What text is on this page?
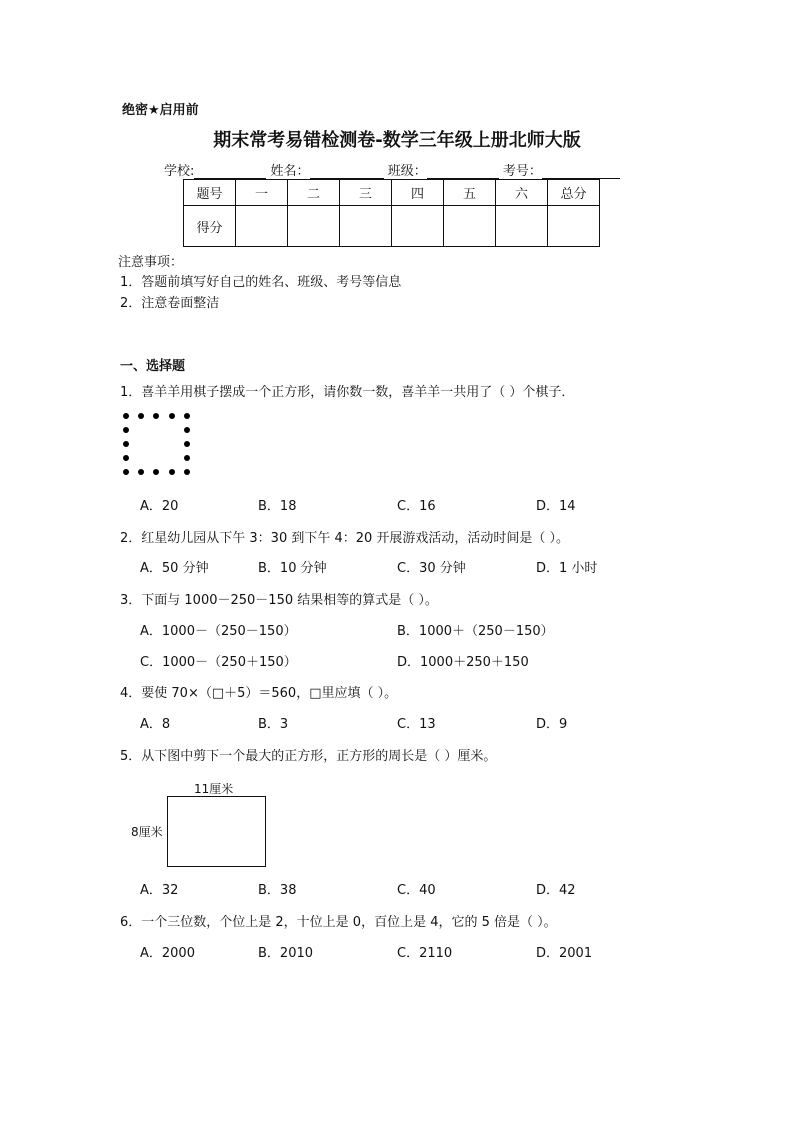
绝密★启用前
期末常考易错检测卷-数学三年级上册北师大版
学校:	姓名：	班级：	考号：
题号	一	二	三	四	五	六	总分
得分							
注意事项：
1．答题前填写好自己的姓名、班级、考号等信息
2．注意卷面整洁
一、选择题
1．喜羊羊用棋子摆成一个正方形，请你数一数，喜羊羊一共用了（ ）个棋子．
A．20	B．18	C．16	D．14
2．红星幼儿园从下午 3：30 到下午 4：20 开展游戏活动，活动时间是（ ）。
A．50 分钟	B．10 分钟	C．30 分钟	D．1 小时
3．下面与 1000－250－150 结果相等的算式是（ ）。
A．1000－（250－150）	B．1000＋（250－150）
C．1000－（250＋150）	D．1000＋250＋150
4．要使 70×（□＋5）＝560，□里应填（ ）。
A．8	B．3	C．13	D．9
5．从下图中剪下一个最大的正方形，正方形的周长是（ ）厘米。
11厘米
8厘米
A．32	B．38	C．40	D．42
6．一个三位数，个位上是 2，十位上是 0，百位上是 4，它的 5 倍是（ ）。
A．2000	B．2010	C．2110	D．2001
